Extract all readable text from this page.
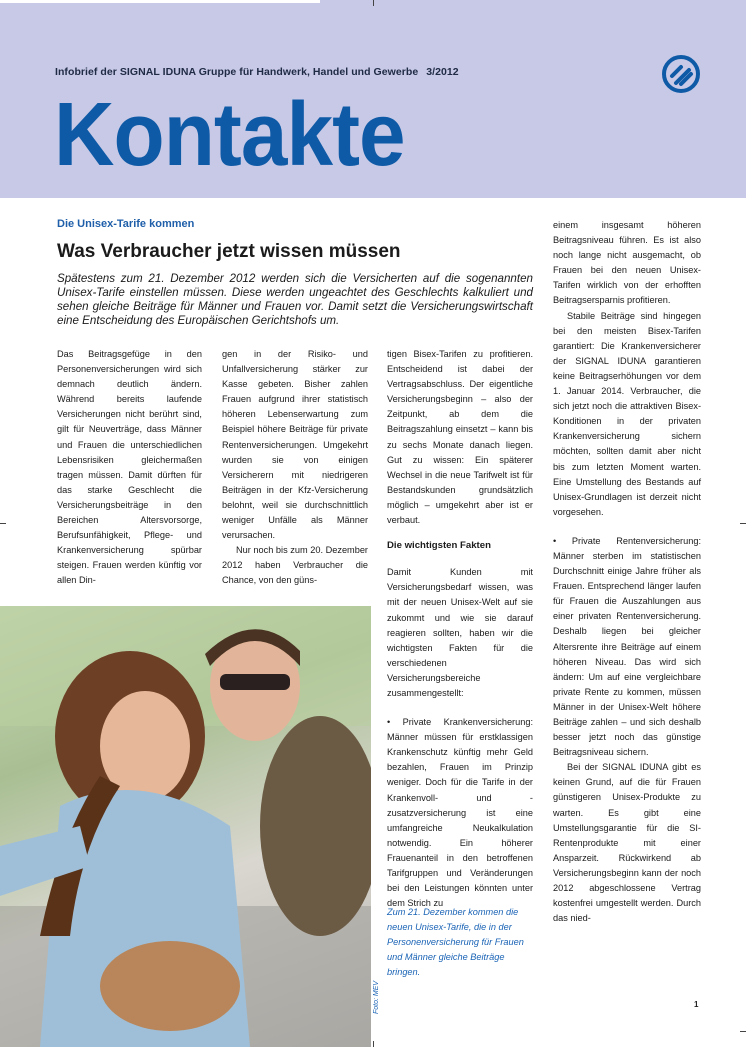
Infobrief der SIGNAL IDUNA Gruppe für Handwerk, Handel und Gewerbe 3/2012
Kontakte
Die Unisex-Tarife kommen
Was Verbraucher jetzt wissen müssen
Spätestens zum 21. Dezember 2012 werden sich die Versicherten auf die sogenannten Unisex-Tarife einstellen müssen. Diese werden ungeachtet des Geschlechts kalkuliert und sehen gleiche Beiträge für Männer und Frauen vor. Damit setzt die Versicherungswirtschaft eine Entscheidung des Europäischen Gerichtshofs um.

Das Beitragsgefüge in den Personenversicherungen wird sich demnach deutlich ändern. Während bereits laufende Versicherungen nicht berührt sind, gilt für Neuverträge, dass Männer und Frauen die unterschiedlichen Lebensrisiken gleichermaßen tragen müssen. Damit dürften für das starke Geschlecht die Versicherungsbeiträge in den Bereichen Altersvorsorge, Berufsunfähigkeit, Pflege- und Krankenversicherung spürbar steigen. Frauen werden künftig vor allen Din-

gen in der Risiko- und Unfallversicherung stärker zur Kasse gebeten. Bisher zahlen Frauen aufgrund ihrer statistisch höheren Lebenserwartung zum Beispiel höhere Beiträge für private Rentenversicherungen. Umgekehrt wurden sie von einigen Versicherern mit niedrigeren Beiträgen in der Kfz-Versicherung belohnt, weil sie durchschnittlich weniger Unfälle als Männer verursachen.

Nur noch bis zum 20. Dezember 2012 haben Verbraucher die Chance, von den güns-

tigen Bisex-Tarifen zu profitieren. Entscheidend ist dabei der Vertragsabschluss. Der eigentliche Versicherungsbeginn – also der Zeitpunkt, ab dem die Beitragszahlung einsetzt – kann bis zu sechs Monate danach liegen. Gut zu wissen: Ein späterer Wechsel in die neue Tarifwelt ist für Bestandskunden grundsätzlich möglich – umgekehrt aber ist er verbaut.

Die wichtigsten Fakten

Damit Kunden mit Versicherungsbedarf wissen, was mit der neuen Unisex-Welt auf sie zukommt und wie sie darauf reagieren sollten, haben wir die wichtigsten Fakten für die verschiedenen Versicherungsbereiche zusammengestellt:

• Private Krankenversicherung: Männer müssen für erstklassigen Krankenschutz künftig mehr Geld bezahlen, Frauen im Prinzip weniger. Doch für die Tarife in der Krankenvoll- und -zusatzversicherung ist eine umfangreiche Neukalkulation notwendig. Ein höherer Frauenanteil in den betroffenen Tarifgruppen und Veränderungen bei den Leistungen könnten unter dem Strich zu

Zum 21. Dezember kommen die neuen Unisex-Tarife, die in der Personenversicherung für Frauen und Männer gleiche Beiträge bringen.

einem insgesamt höheren Beitragsniveau führen. Es ist also noch lange nicht ausgemacht, ob Frauen bei den neuen Unisex-Tarifen wirklich von der erhofften Beitragsersparnis profitieren.

Stabile Beiträge sind hingegen bei den meisten Bisex-Tarifen garantiert: Die Krankenversicherer der SIGNAL IDUNA garantieren keine Beitragserhöhungen vor dem 1. Januar 2014. Verbraucher, die sich jetzt noch die attraktiven Bisex-Konditionen in der privaten Krankenversicherung sichern möchten, sollten damit aber nicht bis zum letzten Moment warten. Eine Umstellung des Bestands auf Unisex-Grundlagen ist derzeit nicht vorgesehen.

• Private Rentenversicherung: Männer sterben im statistischen Durchschnitt einige Jahre früher als Frauen. Entsprechend länger laufen für Frauen die Auszahlungen aus einer privaten Rentenversicherung. Deshalb liegen bei gleicher Altersrente ihre Beiträge auf einem höheren Niveau. Das wird sich ändern: Um auf eine vergleichbare private Rente zu kommen, müssen Männer in der Unisex-Welt höhere Beiträge zahlen – und sich deshalb besser jetzt noch das günstige Beitragsniveau sichern.

Bei der SIGNAL IDUNA gibt es keinen Grund, auf die für Frauen günstigeren Unisex-Produkte zu warten. Es gibt eine Umstellungsgarantie für die SI-Rentenprodukte mit einer Ansparzeit. Rückwirkend ab Versicherungsbeginn kann der noch 2012 abgeschlossene Vertrag kostenfrei umgestellt werden. Durch das nied-

Foto: MEV	1
